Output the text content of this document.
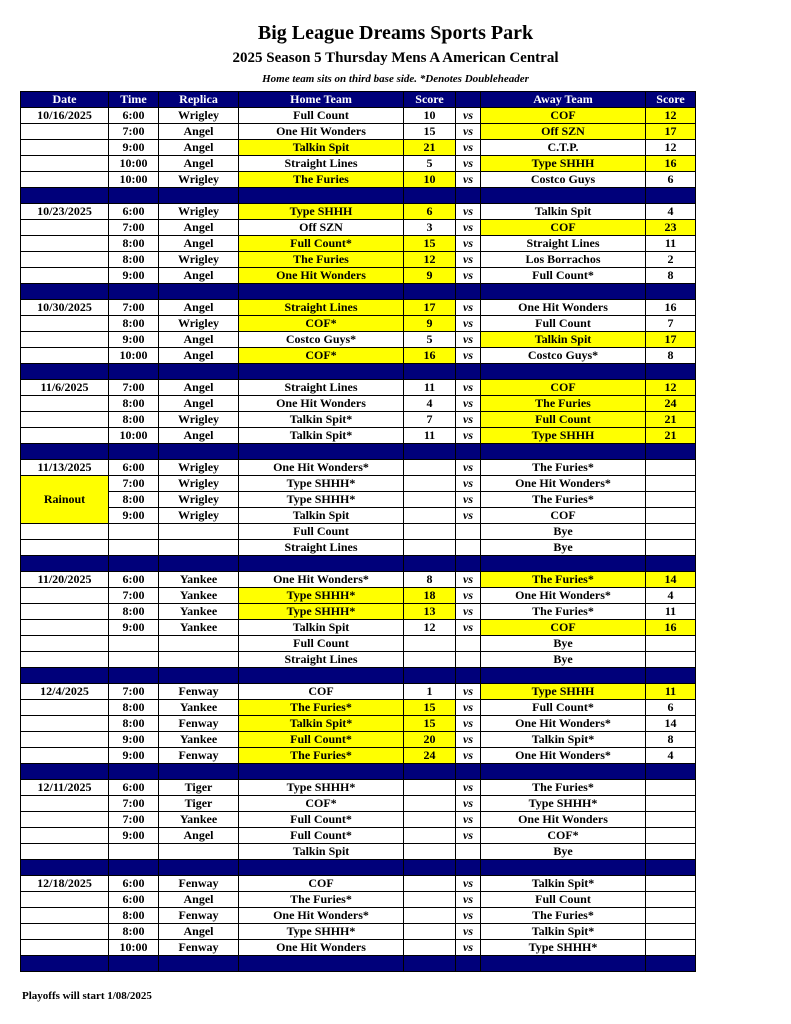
Big League Dreams Sports Park
2025 Season 5 Thursday Mens A American Central
Home team sits on third base side. *Denotes Doubleheader
Date	Time	Replica	Home Team	Score		Away Team	Score
10/16/2025	6:00	Wrigley	Full Count	10	vs	COF	12
	7:00	Angel	One Hit Wonders	15	vs	Off SZN	17
	9:00	Angel	Talkin Spit	21	vs	C.T.P.	12
	10:00	Angel	Straight Lines	5	vs	Type SHHH	16
	10:00	Wrigley	The Furies	10	vs	Costco Guys	6

10/23/2025	6:00	Wrigley	Type SHHH	6	vs	Talkin Spit	4
	7:00	Angel	Off SZN	3	vs	COF	23
	8:00	Angel	Full Count*	15	vs	Straight Lines	11
	8:00	Wrigley	The Furies	12	vs	Los Borrachos	2
	9:00	Angel	One Hit Wonders	9	vs	Full Count*	8

10/30/2025	7:00	Angel	Straight Lines	17	vs	One Hit Wonders	16
	8:00	Wrigley	COF*	9	vs	Full Count	7
	9:00	Angel	Costco Guys*	5	vs	Talkin Spit	17
	10:00	Angel	COF*	16	vs	Costco Guys*	8

11/6/2025	7:00	Angel	Straight Lines	11	vs	COF	12
	8:00	Angel	One Hit Wonders	4	vs	The Furies	24
	8:00	Wrigley	Talkin Spit*	7	vs	Full Count	21
	10:00	Angel	Talkin Spit*	11	vs	Type SHHH	21

11/13/2025	6:00	Wrigley	One Hit Wonders*		vs	The Furies*	
Rainout	7:00	Wrigley	Type SHHH*		vs	One Hit Wonders*	
	8:00	Wrigley	Type SHHH*		vs	The Furies*	
	9:00	Wrigley	Talkin Spit		vs	COF	
			Full Count			Bye	
			Straight Lines			Bye	

11/20/2025	6:00	Yankee	One Hit Wonders*	8	vs	The Furies*	14
	7:00	Yankee	Type SHHH*	18	vs	One Hit Wonders*	4
	8:00	Yankee	Type SHHH*	13	vs	The Furies*	11
	9:00	Yankee	Talkin Spit	12	vs	COF	16
			Full Count			Bye	
			Straight Lines			Bye	

12/4/2025	7:00	Fenway	COF	1	vs	Type SHHH	11
	8:00	Yankee	The Furies*	15	vs	Full Count*	6
	8:00	Fenway	Talkin Spit*	15	vs	One Hit Wonders*	14
	9:00	Yankee	Full Count*	20	vs	Talkin Spit*	8
	9:00	Fenway	The Furies*	24	vs	One Hit Wonders*	4

12/11/2025	6:00	Tiger	Type SHHH*		vs	The Furies*	
	7:00	Tiger	COF*		vs	Type SHHH*	
	7:00	Yankee	Full Count*		vs	One Hit Wonders	
	9:00	Angel	Full Count*		vs	COF*	
			Talkin Spit			Bye	

12/18/2025	6:00	Fenway	COF		vs	Talkin Spit*	
	6:00	Angel	The Furies*		vs	Full Count	
	8:00	Fenway	One Hit Wonders*		vs	The Furies*	
	8:00	Angel	Type SHHH*		vs	Talkin Spit*	
	10:00	Fenway	One Hit Wonders		vs	Type SHHH*	

Playoffs will start 1/08/2025
